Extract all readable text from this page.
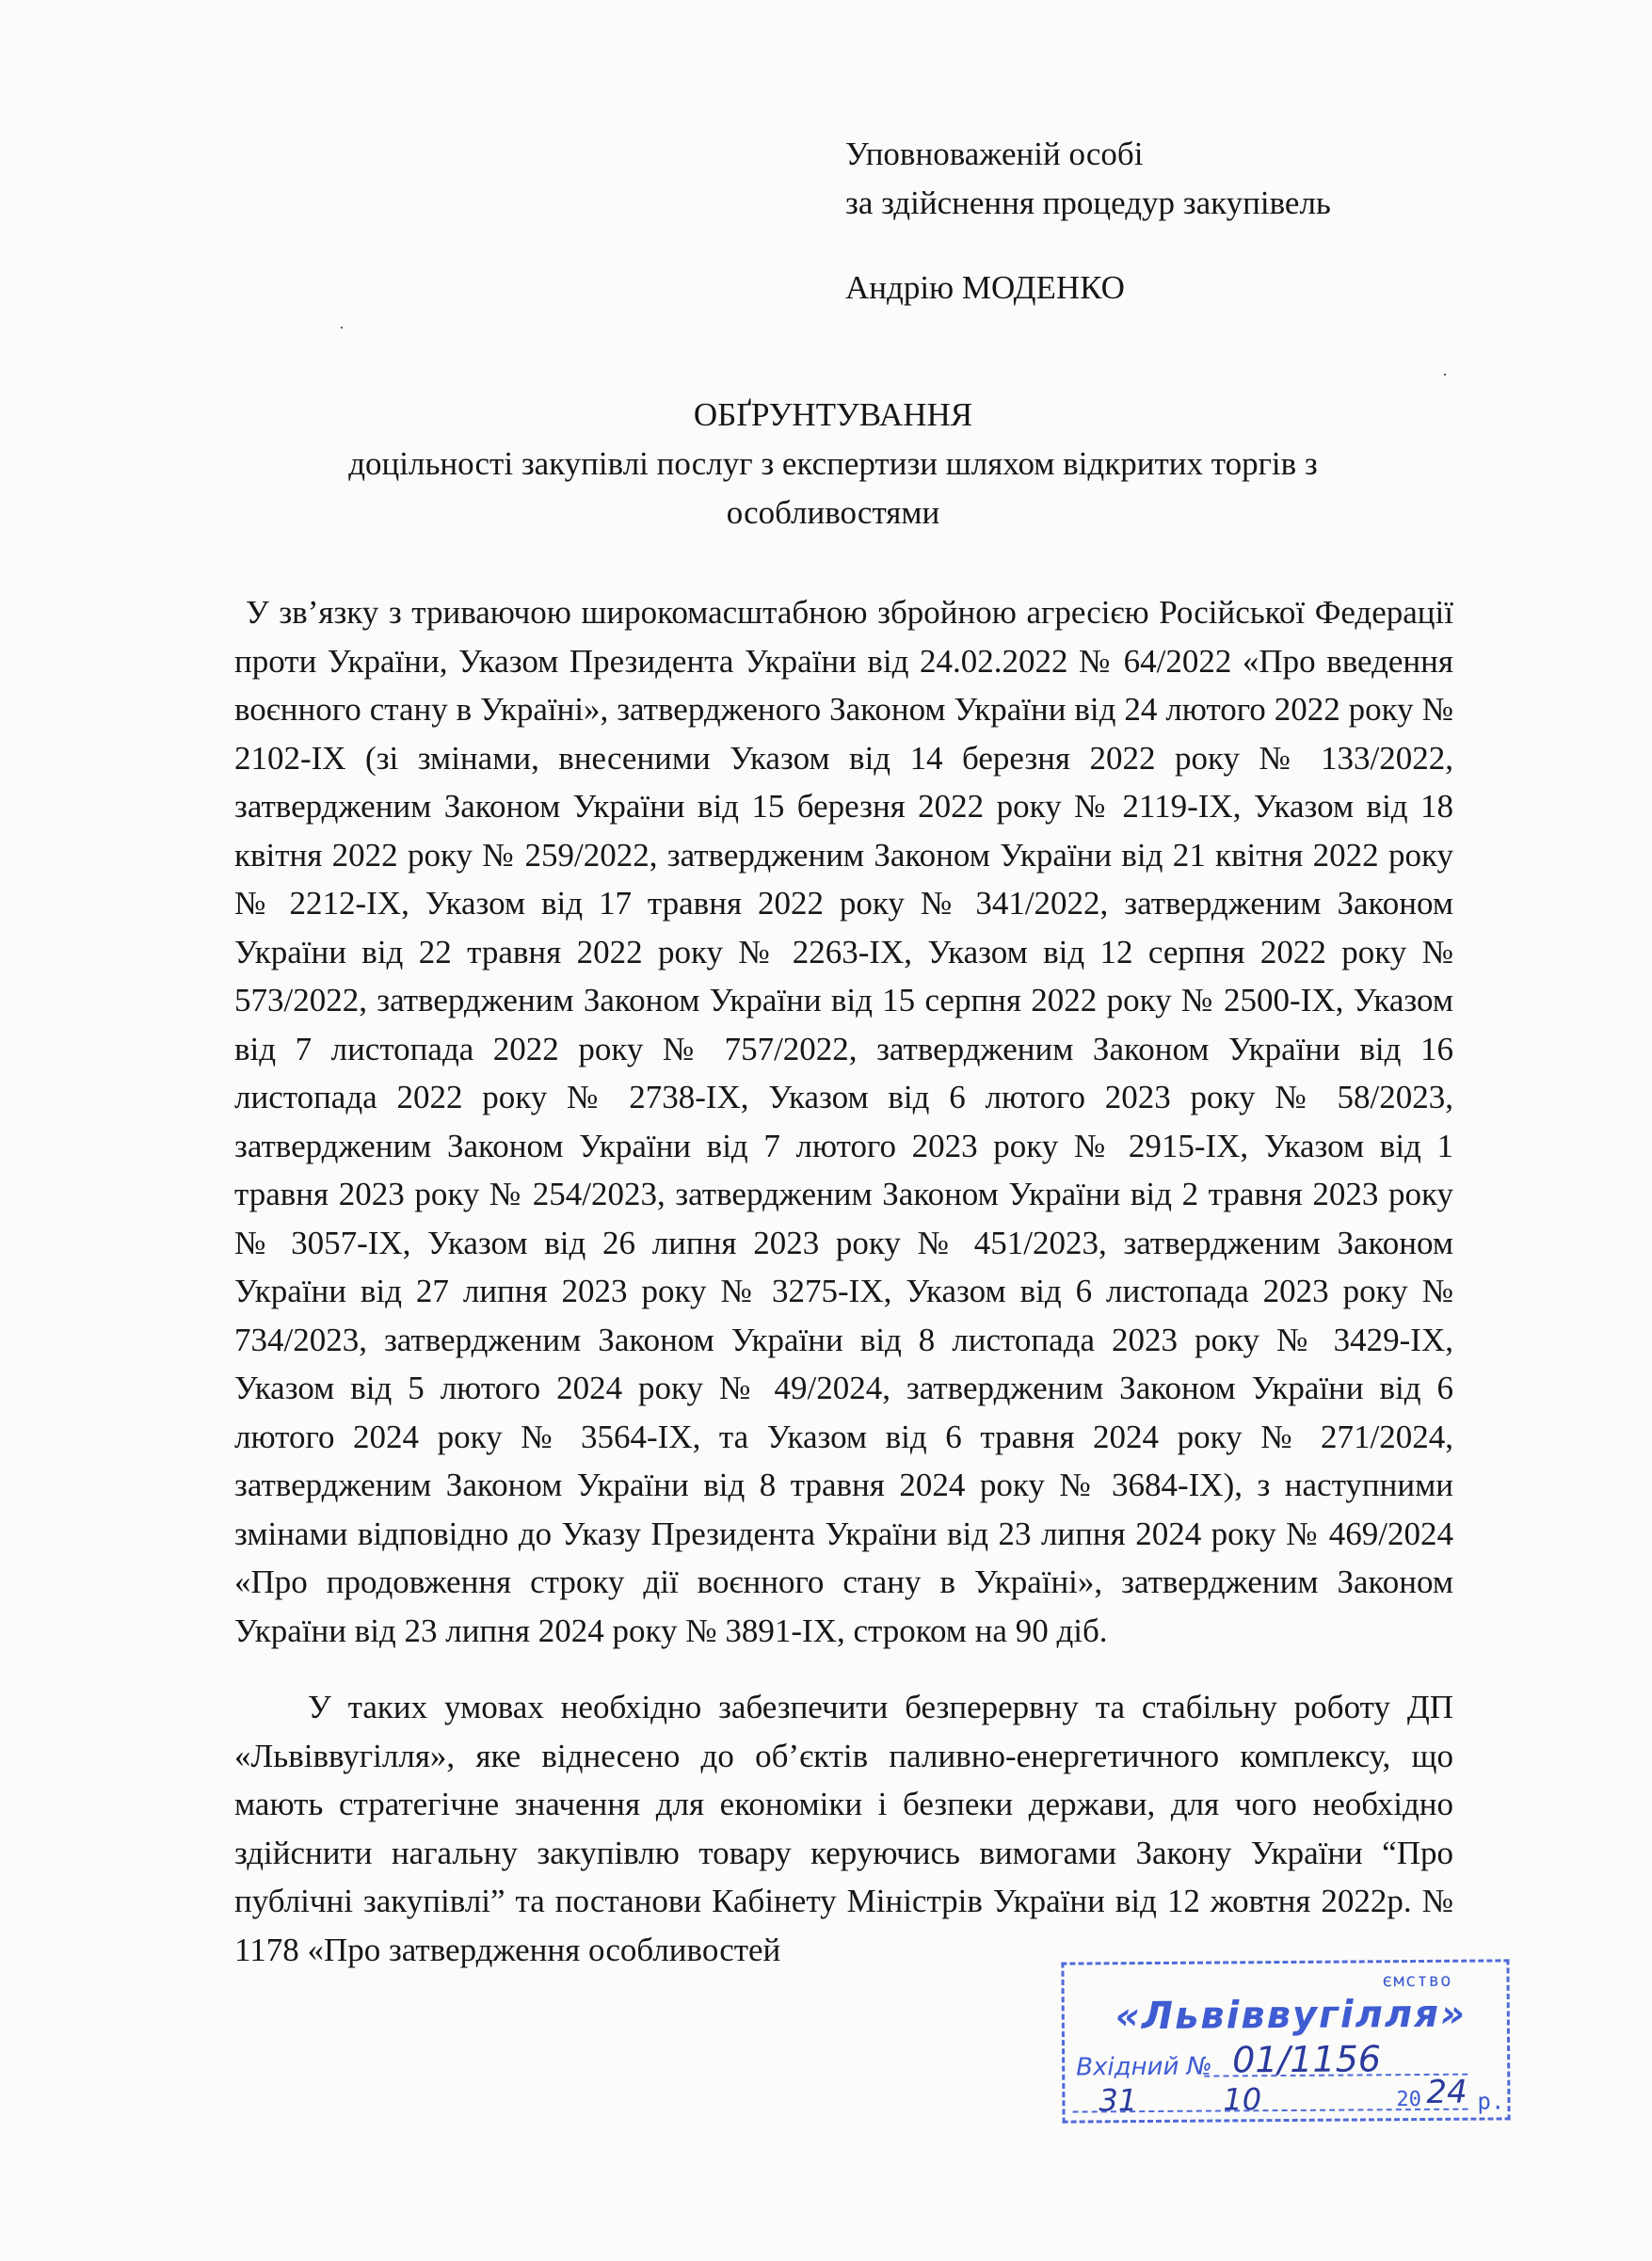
Уповноваженій особі
за здійснення процедур закупівель
Андрію МОДЕНКО
ОБҐРУНТУВАННЯ
доцільності закупівлі послуг з експертизи шляхом відкритих торгів з
особливостями

У зв’язку з триваючою широкомасштабною збройною агресією Російської Федерації проти України, Указом Президента України від 24.02.2022 № 64/2022 «Про введення воєнного стану в Україні», затвердженого Законом України від 24 лютого 2022 року № 2102-IX (зі змінами, внесеними Указом від 14 березня 2022 року № 133/2022, затвердженим Законом України від 15 березня 2022 року № 2119-IX, Указом від 18 квітня 2022 року № 259/2022, затвердженим Законом України від 21 квітня 2022 року № 2212-IX, Указом від 17 травня 2022 року № 341/2022, затвердженим Законом України від 22 травня 2022 року № 2263-IX, Указом від 12 серпня 2022 року № 573/2022, затвердженим Законом України від 15 серпня 2022 року № 2500-IX, Указом від 7 листопада 2022 року № 757/2022, затвердженим Законом України від 16 листопада 2022 року № 2738-IX, Указом від 6 лютого 2023 року № 58/2023, затвердженим Законом України від 7 лютого 2023 року № 2915-IX, Указом від 1 травня 2023 року № 254/2023, затвердженим Законом України від 2 травня 2023 року № 3057-IX, Указом від 26 липня 2023 року № 451/2023, затвердженим Законом України від 27 липня 2023 року № 3275-IX, Указом від 6 листопада 2023 року № 734/2023, затвердженим Законом України від 8 листопада 2023 року № 3429-IX, Указом від 5 лютого 2024 року № 49/2024, затвердженим Законом України від 6 лютого 2024 року № 3564-IX, та Указом від 6 травня 2024 року № 271/2024, затвердженим Законом України від 8 травня 2024 року № 3684-IX), з наступними змінами відповідно до Указу Президента України від 23 липня 2024 року № 469/2024 «Про продовження строку дії воєнного стану в Україні», затвердженим Законом України від 23 липня 2024 року № 3891-IX, строком на 90 діб.

У таких умовах необхідно забезпечити безперервну та стабільну роботу ДП «Львіввугілля», яке віднесено до об’єктів паливно-енергетичного комплексу, що мають стратегічне значення для економіки і безпеки держави, для чого необхідно здійснити нагальну закупівлю товару керуючись вимогами Закону України “Про публічні закупівлі” та постанови Кабінету Міністрів України від 12 жовтня 2022р. № 1178 «Про затвердження особливостей

·
·
ємство
«Львіввугілля»
Вхідний № 01/1156
31	10	20 24 р.
